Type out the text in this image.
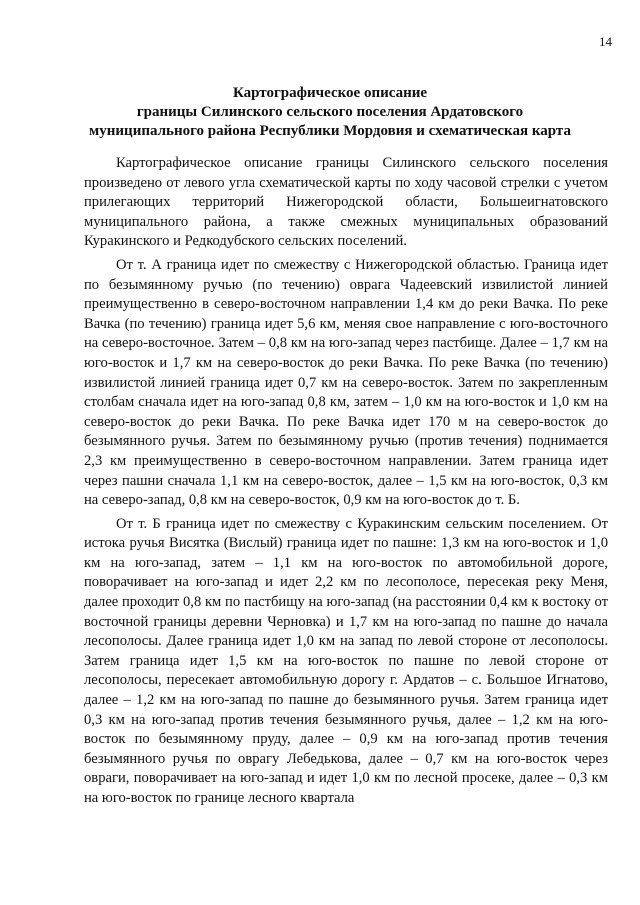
14
Картографическое описание
границы Силинского сельского поселения Ардатовского
муниципального района Республики Мордовия и схематическая карта

Картографическое описание границы Силинского сельского поселения произведено от левого угла схематической карты по ходу часовой стрелки с учетом прилегающих территорий Нижегородской области, Большеигнатовского муниципального района, а также смежных муниципальных образований Куракинского и Редкодубского сельских поселений.

От т. А граница идет по смежеству с Нижегородской областью. Граница идет по безымянному ручью (по течению) оврага Чадеевский извилистой линией преимущественно в северо-восточном направлении 1,4 км до реки Вачка. По реке Вачка (по течению) граница идет 5,6 км, меняя свое направление с юго-восточного на северо-восточное. Затем – 0,8 км на юго-запад через пастбище. Далее – 1,7 км на юго-восток и 1,7 км на северо-восток до реки Вачка. По реке Вачка (по течению) извилистой линией граница идет 0,7 км на северо-восток. Затем по закрепленным столбам сначала идет на юго-запад 0,8 км, затем – 1,0 км на юго-восток и 1,0 км на северо-восток до реки Вачка. По реке Вачка идет 170 м на северо-восток до безымянного ручья. Затем по безымянному ручью (против течения) поднимается 2,3 км преимущественно в северо-восточном направлении. Затем граница идет через пашни сначала 1,1 км на северо-восток, далее – 1,5 км на юго-восток, 0,3 км на северо-запад, 0,8 км на северо-восток, 0,9 км на юго-восток до т. Б.

От т. Б граница идет по смежеству с Куракинским сельским поселением. От истока ручья Висятка (Вислый) граница идет по пашне: 1,3 км на юго-восток и 1,0 км на юго-запад, затем – 1,1 км на юго-восток по автомобильной дороге, поворачивает на юго-запад и идет 2,2 км по лесополосе, пересекая реку Меня, далее проходит 0,8 км по пастбищу на юго-запад (на расстоянии 0,4 км к востоку от восточной границы деревни Черновка) и 1,7 км на юго-запад по пашне до начала лесополосы. Далее граница идет 1,0 км на запад по левой стороне от лесополосы. Затем граница идет 1,5 км на юго-восток по пашне по левой стороне от лесополосы, пересекает автомобильную дорогу г. Ардатов – с. Большое Игнатово, далее – 1,2 км на юго-запад по пашне до безымянного ручья. Затем граница идет 0,3 км на юго-запад против течения безымянного ручья, далее – 1,2 км на юго-восток по безымянному пруду, далее – 0,9 км на юго-запад против течения безымянного ручья по оврагу Лебедькова, далее – 0,7 км на юго-восток через овраги, поворачивает на юго-запад и идет 1,0 км по лесной просеке, далее – 0,3 км на юго-восток по границе лесного квартала
